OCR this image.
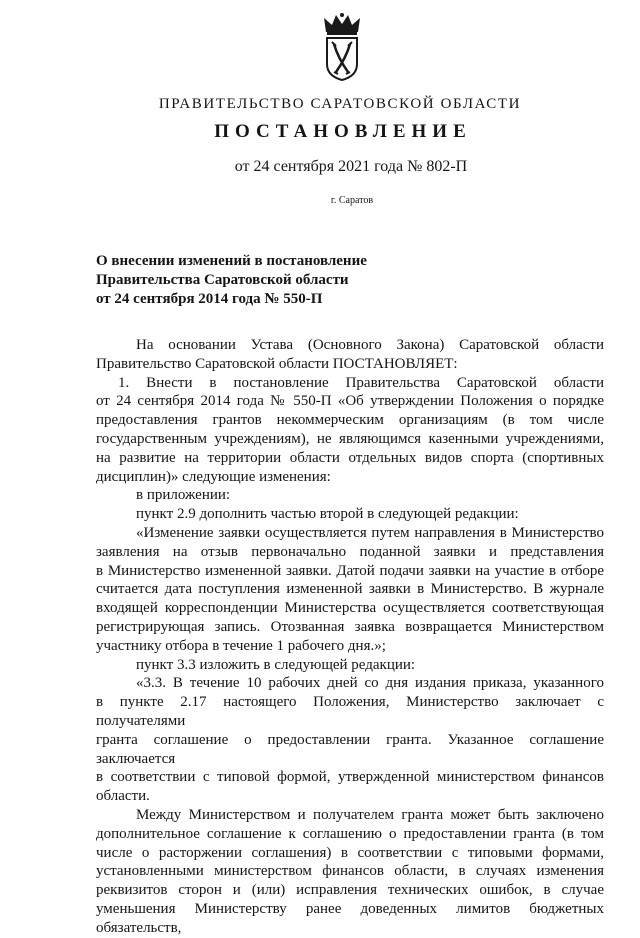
ПРАВИТЕЛЬСТВО САРАТОВСКОЙ ОБЛАСТИ
ПОСТАНОВЛЕНИЕ
от 24 сентября 2021 года № 802-П
г. Саратов
О внесении изменений в постановление
Правительства Саратовской области
от 24 сентября 2014 года № 550-П

На основании Устава (Основного Закона) Саратовской области

Правительство Саратовской области ПОСТАНОВЛЯЕТ:

1. Внести в постановление Правительства Саратовской области

от 24 сентября 2014 года № 550-П «Об утверждении Положения о порядке

предоставления грантов некоммерческим организациям (в том числе

государственным учреждениям), не являющимся казенными учреждениями,

на развитие на территории области отдельных видов спорта (спортивных

дисциплин)» следующие изменения:

в приложении:

пункт 2.9 дополнить частью второй в следующей редакции:

«Изменение заявки осуществляется путем направления в Министерство

заявления на отзыв первоначально поданной заявки и представления

в Министерство измененной заявки. Датой подачи заявки на участие в отборе

считается дата поступления измененной заявки в Министерство. В журнале

входящей корреспонденции Министерства осуществляется соответствующая

регистрирующая запись. Отозванная заявка возвращается Министерством

участнику отбора в течение 1 рабочего дня.»;

пункт 3.3 изложить в следующей редакции:

«3.3. В течение 10 рабочих дней со дня издания приказа, указанного

в пункте 2.17 настоящего Положения, Министерство заключает с получателями

гранта соглашение о предоставлении гранта. Указанное соглашение заключается

в соответствии с типовой формой, утвержденной министерством финансов

области.

Между Министерством и получателем гранта может быть заключено

дополнительное соглашение к соглашению о предоставлении гранта (в том

числе о расторжении соглашения) в соответствии с типовыми формами,

установленными министерством финансов области, в случаях изменения

реквизитов сторон и (или) исправления технических ошибок, в случае

уменьшения Министерству ранее доведенных лимитов бюджетных обязательств,
